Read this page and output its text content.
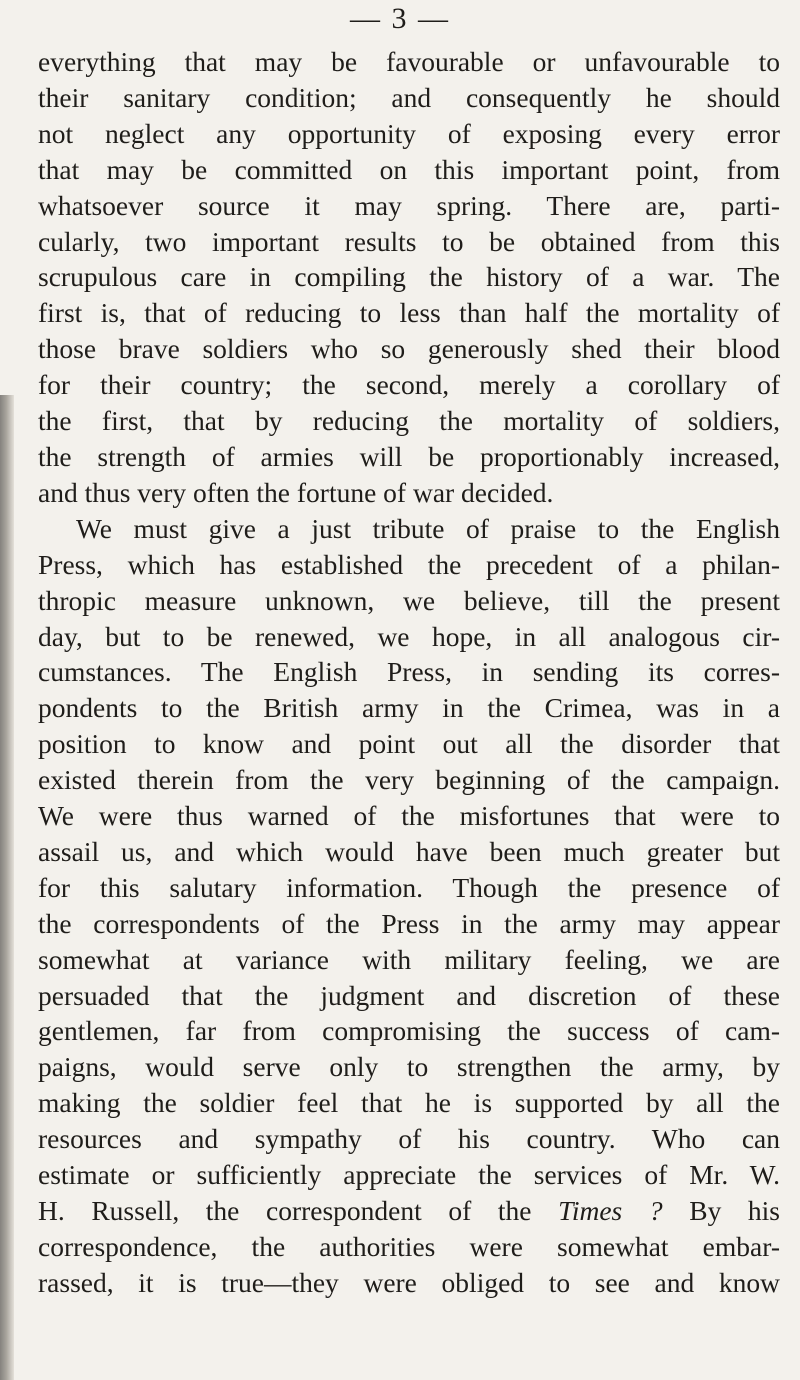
— 3 —
everything that may be favourable or unfavourable to
their sanitary condition; and consequently he should
not neglect any opportunity of exposing every error
that may be committed on this important point, from
whatsoever source it may spring. There are, parti-
cularly, two important results to be obtained from this
scrupulous care in compiling the history of a war. The
first is, that of reducing to less than half the mortality of
those brave soldiers who so generously shed their blood
for their country; the second, merely a corollary of
the first, that by reducing the mortality of soldiers,
the strength of armies will be proportionably increased,
and thus very often the fortune of war decided.
We must give a just tribute of praise to the English
Press, which has established the precedent of a philan-
thropic measure unknown, we believe, till the present
day, but to be renewed, we hope, in all analogous cir-
cumstances. The English Press, in sending its corres-
pondents to the British army in the Crimea, was in a
position to know and point out all the disorder that
existed therein from the very beginning of the campaign.
We were thus warned of the misfortunes that were to
assail us, and which would have been much greater but
for this salutary information. Though the presence of
the correspondents of the Press in the army may appear
somewhat at variance with military feeling, we are
persuaded that the judgment and discretion of these
gentlemen, far from compromising the success of cam-
paigns, would serve only to strengthen the army, by
making the soldier feel that he is supported by all the
resources and sympathy of his country. Who can
estimate or sufficiently appreciate the services of Mr. W.
H. Russell, the correspondent of the Times ? By his
correspondence, the authorities were somewhat embar-
rassed, it is true—they were obliged to see and know
